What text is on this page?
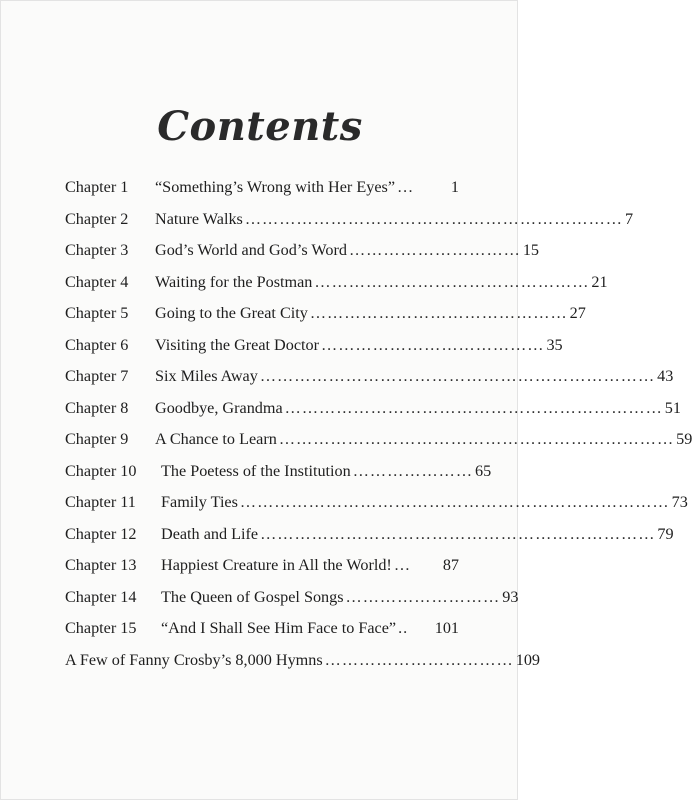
Contents
Chapter 1	“Something’s Wrong with Her Eyes” …	1
Chapter 2	Nature Walks ………………………………………………………… 7
Chapter 3	God’s World and God’s Word ………………………… 15
Chapter 4	Waiting for the Postman ………………………………………… 21
Chapter 5	Going to the Great City ……………………………………… 27
Chapter 6	Visiting the Great Doctor ………………………………… 35
Chapter 7	Six Miles Away …………………………………………………………… 43
Chapter 8	Goodbye, Grandma ………………………………………………………… 51
Chapter 9	A Chance to Learn …………………………………………………………… 59
Chapter 10	The Poetess of the Institution ………………… 65
Chapter 11	Family Ties ………………………………………………………………… 73
Chapter 12	Death and Life …………………………………………………………… 79
Chapter 13	Happiest Creature in All the World! …	87
Chapter 14	The Queen of Gospel Songs ……………………… 93
Chapter 15	“And I Shall See Him Face to Face” ..	101
A Few of Fanny Crosby’s 8,000 Hymns …………………………… 109
